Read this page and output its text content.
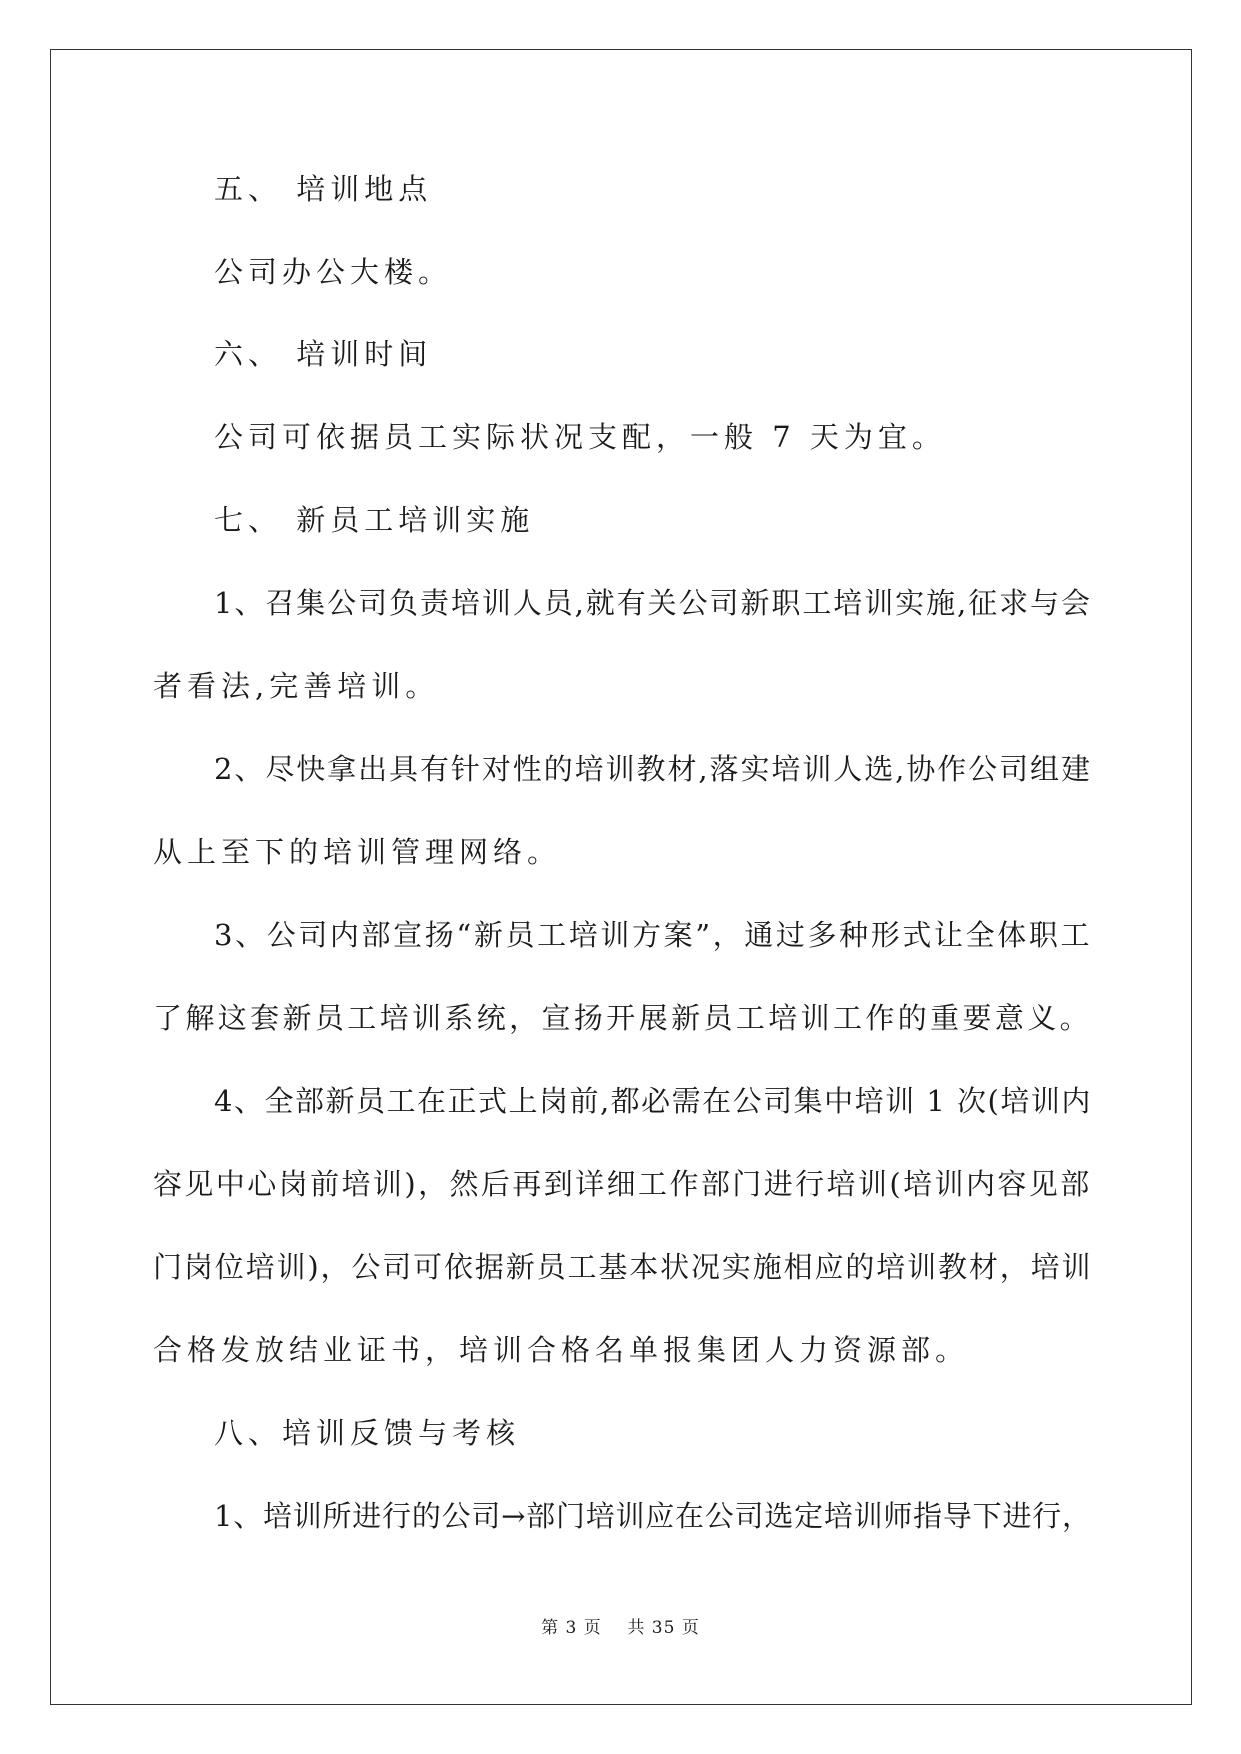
五、 培训地点
公司办公大楼。
六、 培训时间
公司可依据员工实际状况支配，一般 7 天为宜。
七、 新员工培训实施
1、召集公司负责培训人员,就有关公司新职工培训实施,征求与会
者看法,完善培训。
2、尽快拿出具有针对性的培训教材,落实培训人选,协作公司组建
从上至下的培训管理网络。
3、公司内部宣扬“新员工培训方案”，通过多种形式让全体职工
了解这套新员工培训系统，宣扬开展新员工培训工作的重要意义。
4、全部新员工在正式上岗前,都必需在公司集中培训 1 次(培训内
容见中心岗前培训)，然后再到详细工作部门进行培训(培训内容见部
门岗位培训)，公司可依据新员工基本状况实施相应的培训教材，培训
合格发放结业证书，培训合格名单报集团人力资源部。
八、培训反馈与考核
1、培训所进行的公司→部门培训应在公司选定培训师指导下进行，
第 3 页    共 35 页
